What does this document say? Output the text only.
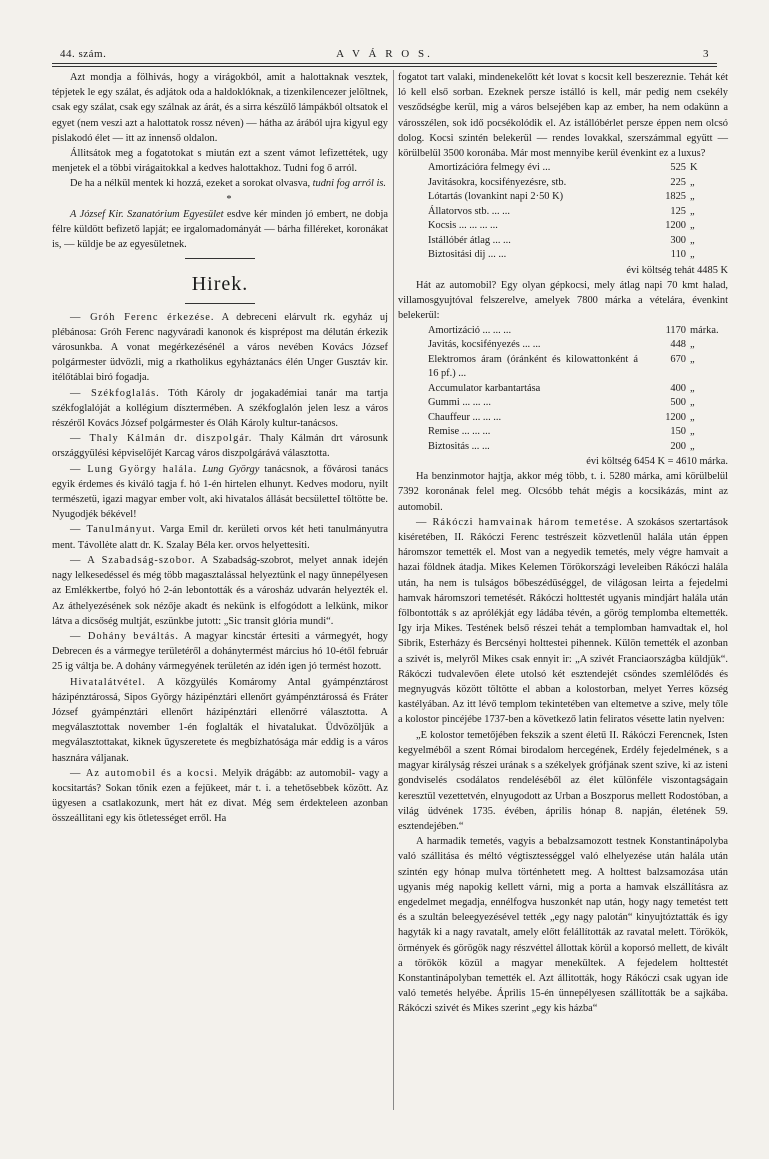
44. szám.	A V Á R O S.	3

Azt mondja a fölhivás, hogy a virágokból, amit a halottaknak vesztek, tépjetek le egy szálat, és adjátok oda a haldoklóknak, a tizenkilencezer jelöltnek, csak egy szálat, csak egy szálnak az árát, és a sirra készülő lámpákból oltsatok el egyet (nem veszi azt a halottatok rossz néven) — hátha az árából ujra kigyul egy pislakodó élet — itt az innenső oldalon.

Állitsátok meg a fogatotokat s miután ezt a szent vámot lefizettétek, ugy menjetek el a többi virágaitokkal a kedves halottakhoz. Tudni fog ő arról.

De ha a nélkül mentek ki hozzá, ezeket a sorokat olvasva, tudni fog arról is.

*

A József Kir. Szanatórium Egyesület esdve kér minden jó embert, ne dobja félre küldött befizető lapját; ee irgalomadományát — bárha filléreket, koronákat is, — küldje be az egyesületnek.

Hirek.

— Gróh Ferenc érkezése. A debreceni elárvult rk. egyház uj plébánosa: Gróh Ferenc nagyváradi kanonok és kisprépost ma délután érkezik városunkba. A vonat megérkezésénél a város nevében Kovács József polgármester üdvözli, mig a rkatholikus egyháztanács élén Unger Gusztáv kir. itélőtáblai biró fogadja.

— Székfoglalás. Tóth Károly dr jogakadémiai tanár ma tartja székfoglalóját a kollégium dísztermében. A székfoglalón jelen lesz a város részéről Kovács József polgármester és Oláh Károly kultur-tanácsos.

— Thaly Kálmán dr. diszpolgár. Thaly Kálmán drt városunk országgyülési képviselőjét Karcag város diszpolgárává választotta.

— Lung György halála. Lung György tanácsnok, a fővárosi tanács egyik érdemes és kiváló tagja f. hó 1-én hirtelen elhunyt. Kedves modoru, nyilt természetü, igazi magyar ember volt, aki hivatalos állását becsületteI töltötte be. Nyugodjék békével!

— Tanulmányut. Varga Emil dr. kerületi orvos két heti tanulmányutra ment. Távollėte alatt dr. K. Szalay Béla ker. orvos helyettesiti.

— A Szabadság-szobor. A Szabadság-szobrot, melyet annak idején nagy lelkesedéssel és még több magasztalással helyeztünk el nagy ünnepélyesen az Emlékkertbe, folyó hó 2-án lebontották és a városház udvarán helyezték el. Az áthelyezésének sok nézője akadt és nekünk is elfogódott a lelkünk, mikor látva a dicsőség multját, eszünkbe jutott: „Sic transit glória mundi“.

— Dohány beváltás. A magyar kincstár értesiti a vármegyét, hogy Debrecen és a vármegye területéről a dohánytermést március hó 10-étől február 25 ig váltja be. A dohány vármegyének területén az idén igen jó termést hozott.

Hivatalátvétel. A közgyülés Komáromy Antal gyámpénztárost házipénztárossá, Sipos György házipénztári ellenőrt gyámpénztárossá és Fráter József gyámpénztári ellenőrt házipénztári ellenőrré választotta. A megválasztottak november 1-én foglalták el hivatalukat. Üdvözöljük a megválasztottakat, kiknek ügyszeretete és megbízhatósága már eddig is a város hasznára váljanak.

— Az automobil és a kocsi. Melyik drágább: az automobil- vagy a kocsitartás? Sokan tőnik ezen a fejükeet, már t. i. a tehetősebbek között. Az ügyesen a csatlakozunk, mert hát ez divat. Még sem érdekteleen azonban összeállitani egy kis ötletességet erről. Ha

fogatot tart valaki, mindenekelőtt két lovat s kocsit kell beszereznie. Tehát két ló kell első sorban. Ezeknek persze istálló is kell, már pedig nem csekély vesződségbe kerül, mig a város belsejében kap az ember, ha nem odakünn a városszélen, sok idő pocsékolódik el. Az istállóbérlet persze éppen nem olcsó dolog. Kocsi szintén belekerül — rendes lovakkal, szerszámmal együtt — körülbelül 3500 koronába. Már most mennyibe kerül évenkint ez a luxus?

Amortizációra felmegy évi ...	525	K
Javitásokra, kocsifényezésre, stb.	225	„
Lótartás (lovankint napi 2·50 K)	1825	„
Állatorvos stb. ... ...	125	„
Kocsis ... ... ... ...	1200	„
Istállóbér átlag ... ...	300	„
Biztositási dij ... ...	110	„

évi költség tehát 4485 K

Hát az automobil? Egy olyan gépkocsi, mely átlag napi 70 kmt halad, villamosgyujtóval felszerelve, amelyek 7800 márka a vételára, évenkint belekerül:

Amortizáció ... ... ...	1170	márka.
Javitás, kocsifényezés ... ...	448	„
Elektromos áram (óránként és kilowattonként á 16 pf.) ...	670	„
Accumulator karbantartása	400	„
Gummi ... ... ...	500	„
Chauffeur ... ... ...	1200	„
Remise ... ... ...	150	„
Biztositás ... ...	200	„

évi költség 6454 K = 4610 márka.

Ha benzinmotor hajtja, akkor még több, t. i. 5280 márka, ami körülbelül 7392 koronának felel meg. Olcsóbb tehát mégis a kocsikázás, mint az automobil.

— Rákóczi hamvainak három temetése. A szokásos szertartások kiséretében, II. Rákóczi Ferenc testrészeit közvetlenül halála után éppen háromszor temették el. Most van a negyedik temetés, mely végre hamvait a hazai földnek átadja. Mikes Kelemen Törökországi leveleiben Rákóczi halála után, ha nem is tulságos bőbeszédüséggel, de világosan leirta a fejedelmi hamvak háromszori temetését. Rákóczi holttestét ugyanis mindjárt halála után fölbontották s az aprólékját egy ládába tévén, a görög templomba eltemették. Igy irja Mikes. Testének belső részei tehát a templomban hamvadtak el, hol Sibrik, Esterházy és Bercsényi holttestei pihennek. Külön temették el azonban a szivét is, melyről Mikes csak ennyit ir: „A szivét Franciaországba küldjük“. Rákóczi tudvalevően élete utolsó két esztendejét csöndes szemlélődés és megnyugvás között töltötte el abban a kolostorban, melyet Yerres község kastélyában. Az itt lévő templom tekintetében van eltemetve a szive, mely tőle a kolostor pincéjébe 1737-ben a következő latin feliratos vésette latin nyelven:

„E kolostor temetőjében fekszik a szent életű II. Rákóczi Ferencnek, Isten kegyelméből a szent Római birodalom hercegének, Erdély fejedelmének, s a magyar királyság részei urának s a székelyek grófjának szent szive, ki az isteni gondviselés csodálatos rendeléséből az élet különféle viszontagságain keresztül vezettetvén, elnyugodott az Urban a Boszporus mellett Rodostóban, a világ üdvének 1735. évében, április hónap 8. napján, életének 59. esztendejében.“

A harmadik temetés, vagyis a bebalzsamozott testnek Konstantinápolyba való szállitása és méltó végtisztességgel való elhelyezése után halála után szintén egy hónap mulva történhetett meg. A holttest balzsamozása után ugyanis még napokig kellett várni, mig a porta a hamvak elszállításra az engedelmet megadja, ennélfogva huszonkét nap után, hogy nagy temetést tett és a szultán beleegyezésével tették „egy nagy palotán“ kinyujtóztatták és igy hagyták ki a nagy ravatalt, amely előtt felállították az ravatal melett. Törökök, örmények és görögök nagy részvéttel állottak körül a koporsó mellett, de kivált a törökök közül a magyar menekültek. A fejedelem holttestét Konstantinápolyban temették el. Azt állitották, hogy Rákóczi csak ugyan ide való temetés helyébe. Április 15-én ünnepélyesen szállították be a sajkába. Rákóczi szivét és Mikes szerint „egy kis házba“
